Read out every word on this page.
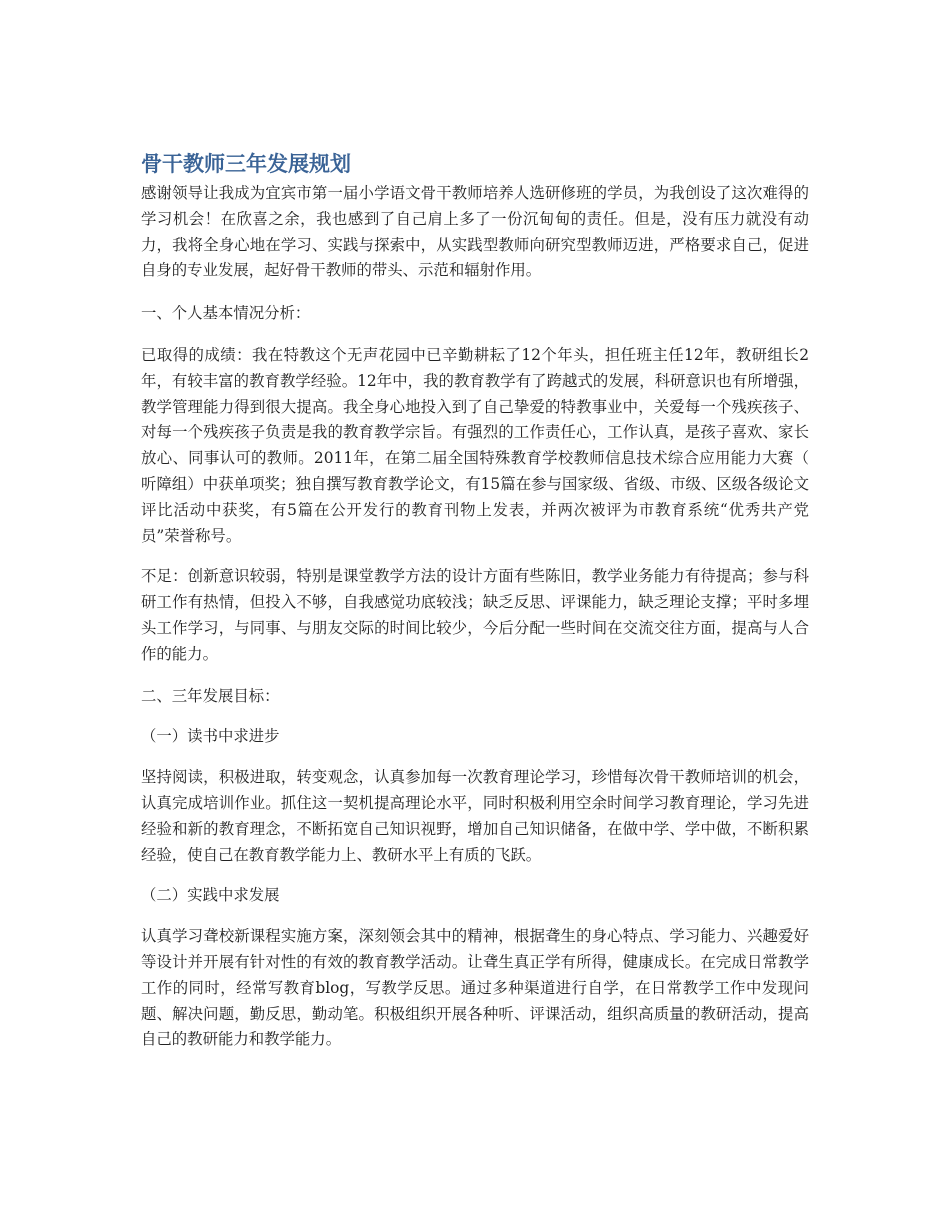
骨干教师三年发展规划

感谢领导让我成为宜宾市第一届小学语文骨干教师培养人选研修班的学员，为我创设了这次难得的学习机会！在欣喜之余，我也感到了自己肩上多了一份沉甸甸的责任。但是，没有压力就没有动力，我将全身心地在学习、实践与探索中，从实践型教师向研究型教师迈进，严格要求自己，促进自身的专业发展，起好骨干教师的带头、示范和辐射作用。

一、个人基本情况分析：

已取得的成绩：我在特教这个无声花园中已辛勤耕耘了12个年头，担任班主任12年，教研组长2年，有较丰富的教育教学经验。12年中，我的教育教学有了跨越式的发展，科研意识也有所增强，教学管理能力得到很大提高。我全身心地投入到了自己挚爱的特教事业中，关爱每一个残疾孩子、对每一个残疾孩子负责是我的教育教学宗旨。有强烈的工作责任心，工作认真，是孩子喜欢、家长放心、同事认可的教师。2011年，在第二届全国特殊教育学校教师信息技术综合应用能力大赛（ 听障组）中获单项奖；独自撰写教育教学论文，有15篇在参与国家级、省级、市级、区级各级论文评比活动中获奖，有5篇在公开发行的教育刊物上发表，并两次被评为市教育系统“优秀共产党员”荣誉称号。

不足：创新意识较弱，特别是课堂教学方法的设计方面有些陈旧，教学业务能力有待提高；参与科研工作有热情，但投入不够，自我感觉功底较浅；缺乏反思、评课能力，缺乏理论支撑；平时多埋头工作学习，与同事、与朋友交际的时间比较少，今后分配一些时间在交流交往方面，提高与人合作的能力。

二、三年发展目标：

（一）读书中求进步

坚持阅读，积极进取，转变观念，认真参加每一次教育理论学习，珍惜每次骨干教师培训的机会，认真完成培训作业。抓住这一契机提高理论水平，同时积极利用空余时间学习教育理论，学习先进经验和新的教育理念，不断拓宽自己知识视野，增加自己知识储备，在做中学、学中做，不断积累经验，使自己在教育教学能力上、教研水平上有质的飞跃。

（二）实践中求发展

认真学习聋校新课程实施方案，深刻领会其中的精神，根据聋生的身心特点、学习能力、兴趣爱好等设计并开展有针对性的有效的教育教学活动。让聋生真正学有所得，健康成长。在完成日常教学工作的同时，经常写教育blog，写教学反思。通过多种渠道进行自学，在日常教学工作中发现问题、解决问题，勤反思，勤动笔。积极组织开展各种听、评课活动，组织高质量的教研活动，提高自己的教研能力和教学能力。
